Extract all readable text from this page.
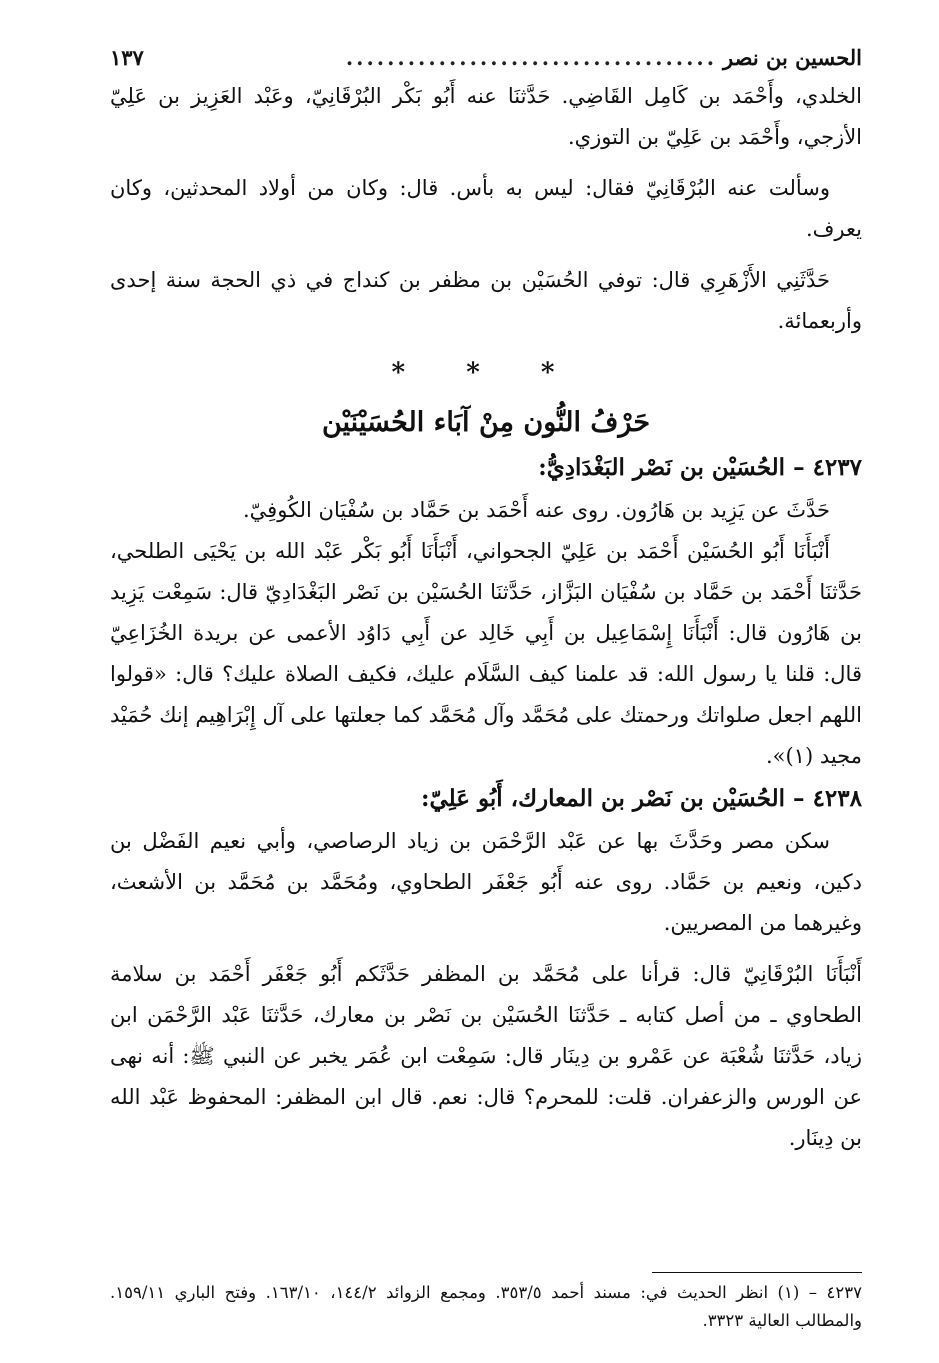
الحسين بن نصر
....................................
١٣٧

الخلدي، وأَحْمَد بن كَامِل القَاضِي. حَدَّثنَا عنه أَبُو بَكْر البُرْقَانِيّ، وعَبْد العَزِيز بن عَلِيّ الأزجي، وأَحْمَد بن عَلِيّ بن التوزي.

وسألت عنه البُرْقَانِيّ فقال: ليس به بأس. قال: وكان من أولاد المحدثين، وكان يعرف.

حَدَّثَنِي الأَزْهَرِي قال: توفي الحُسَيْن بن مظفر بن كنداج في ذي الحجة سنة إحدى وأربعمائة.

* * *
حَرْفُ النُّون مِنْ آبَاء الحُسَيْنَيْن
٤٢٣٧ – الحُسَيْن بن نَصْر البَغْدَادِيُّ:

حَدَّثَ عن يَزِيد بن هَارُون. روى عنه أَحْمَد بن حَمَّاد بن سُفْيَان الكُوفِيّ.

أَنْبَأَنَا أَبُو الحُسَيْن أَحْمَد بن عَلِيّ الجحواني، أَنْبَأَنَا أَبُو بَكْر عَبْد الله بن يَحْيَى الطلحي، حَدَّثنَا أَحْمَد بن حَمَّاد بن سُفْيَان البَزَّاز، حَدَّثنَا الحُسَيْن بن نَصْر البَغْدَادِيّ قال: سَمِعْت يَزِيد بن هَارُون قال: أَنْبَأَنَا إِسْمَاعِيل بن أَبِي خَالِد عن أَبِي دَاوُد الأعمى عن بريدة الخُزَاعِيّ قال: قلنا يا رسول الله: قد علمنا كيف السَّلَام عليك، فكيف الصلاة عليك؟ قال: «قولوا اللهم اجعل صلواتك ورحمتك على مُحَمَّد وآل مُحَمَّد كما جعلتها على آل إِبْرَاهِيم إنك حُمَيْد مجيد (١)».

٤٢٣٨ – الحُسَيْن بن نَصْر بن المعارك، أَبُو عَلِيّ:

سكن مصر وحَدَّثَ بها عن عَبْد الرَّحْمَن بن زياد الرصاصي، وأبي نعيم الفَضْل بن دكين، ونعيم بن حَمَّاد. روى عنه أَبُو جَعْفَر الطحاوي، ومُحَمَّد بن مُحَمَّد بن الأشعث، وغيرهما من المصريين.

أَنْبَأَنَا البُرْقَانِيّ قال: قرأنا على مُحَمَّد بن المظفر حَدَّثَكم أَبُو جَعْفَر أَحْمَد بن سلامة الطحاوي ـ من أصل كتابه ـ حَدَّثنَا الحُسَيْن بن نَصْر بن معارك، حَدَّثنَا عَبْد الرَّحْمَن ابن زياد، حَدَّثنَا شُعْبَة عن عَمْرو بن دِينَار قال: سَمِعْت ابن عُمَر يخبر عن النبي ﷺ: أنه نهى عن الورس والزعفران. قلت: للمحرم؟ قال: نعم. قال ابن المظفر: المحفوظ عَبْد الله بن دِينَار.

٤٢٣٧ – (١) انظر الحديث في: مسند أحمد ٣٥٣/٥. ومجمع الزوائد ١٤٤/٢، ١٦٣/١٠. وفتح الباري ١٥٩/١١. والمطالب العالية ٣٣٢٣.
